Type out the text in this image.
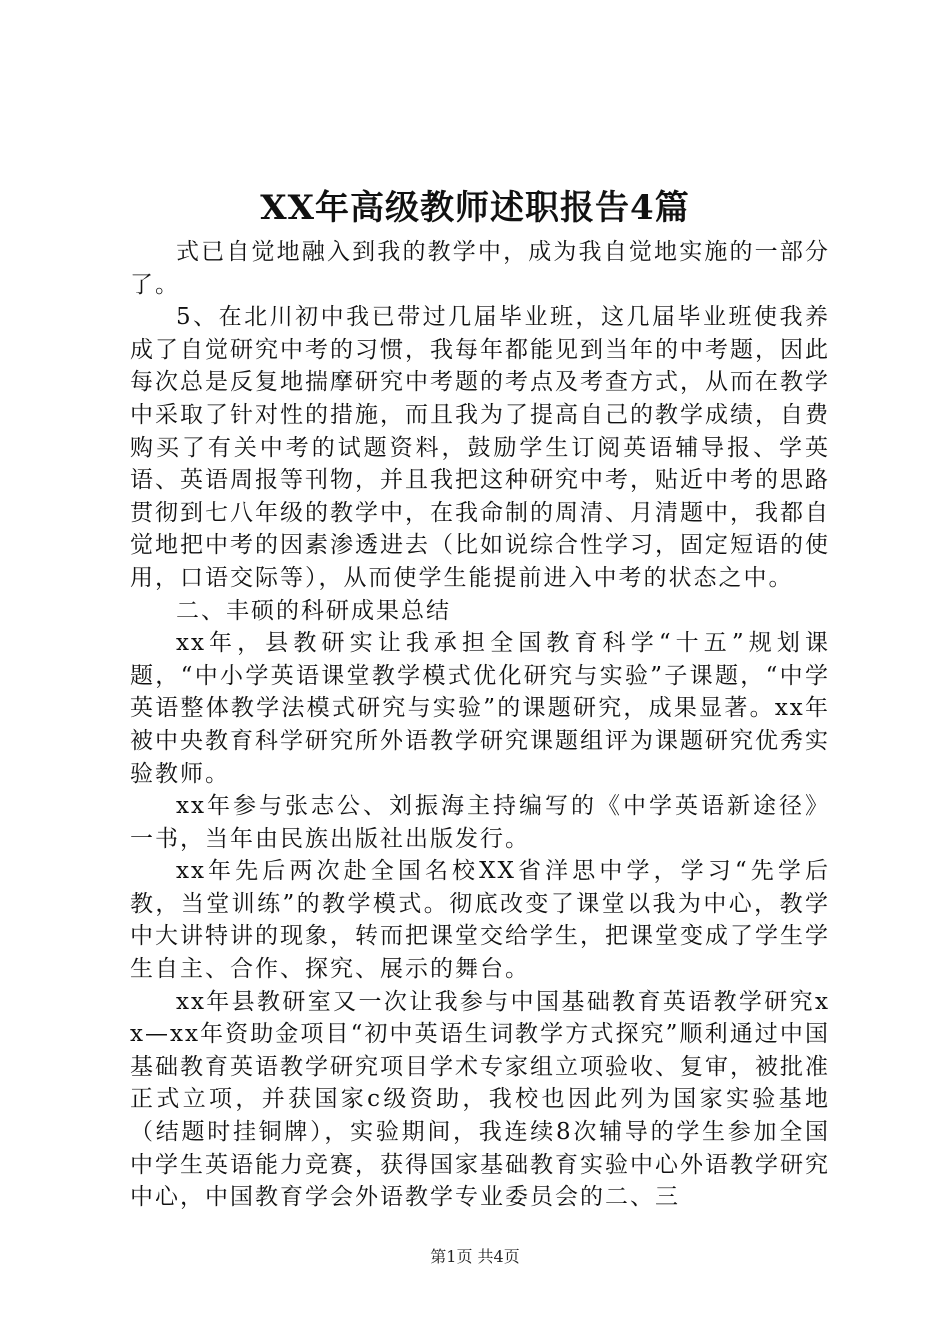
XX年高级教师述职报告4篇

式已自觉地融入到我的教学中，成为我自觉地实施的一部分了。

5、在北川初中我已带过几届毕业班，这几届毕业班使我养成了自觉研究中考的习惯，我每年都能见到当年的中考题，因此每次总是反复地揣摩研究中考题的考点及考查方式，从而在教学中采取了针对性的措施，而且我为了提高自己的教学成绩，自费购买了有关中考的试题资料，鼓励学生订阅英语辅导报、学英语、英语周报等刊物，并且我把这种研究中考，贴近中考的思路贯彻到七八年级的教学中，在我命制的周清、月清题中，我都自觉地把中考的因素渗透进去（比如说综合性学习，固定短语的使用，口语交际等），从而使学生能提前进入中考的状态之中。

二、丰硕的科研成果总结

xx年，县教研实让我承担全国教育科学“十五”规划课题，“中小学英语课堂教学模式优化研究与实验”子课题，“中学英语整体教学法模式研究与实验”的课题研究，成果显著。xx年被中央教育科学研究所外语教学研究课题组评为课题研究优秀实验教师。

xx年参与张志公、刘振海主持编写的《中学英语新途径》一书，当年由民族出版社出版发行。

xx年先后两次赴全国名校XX省洋思中学，学习“先学后教，当堂训练”的教学模式。彻底改变了课堂以我为中心，教学中大讲特讲的现象，转而把课堂交给学生，把课堂变成了学生学生自主、合作、探究、展示的舞台。

xx年县教研室又一次让我参与中国基础教育英语教学研究xx—xx年资助金项目“初中英语生词教学方式探究”顺利通过中国基础教育英语教学研究项目学术专家组立项验收、复审，被批准正式立项，并获国家c级资助，我校也因此列为国家实验基地（结题时挂铜牌），实验期间，我连续8次辅导的学生参加全国中学生英语能力竞赛，获得国家基础教育实验中心外语教学研究中心，中国教育学会外语教学专业委员会的二、三

第1页 共4页
